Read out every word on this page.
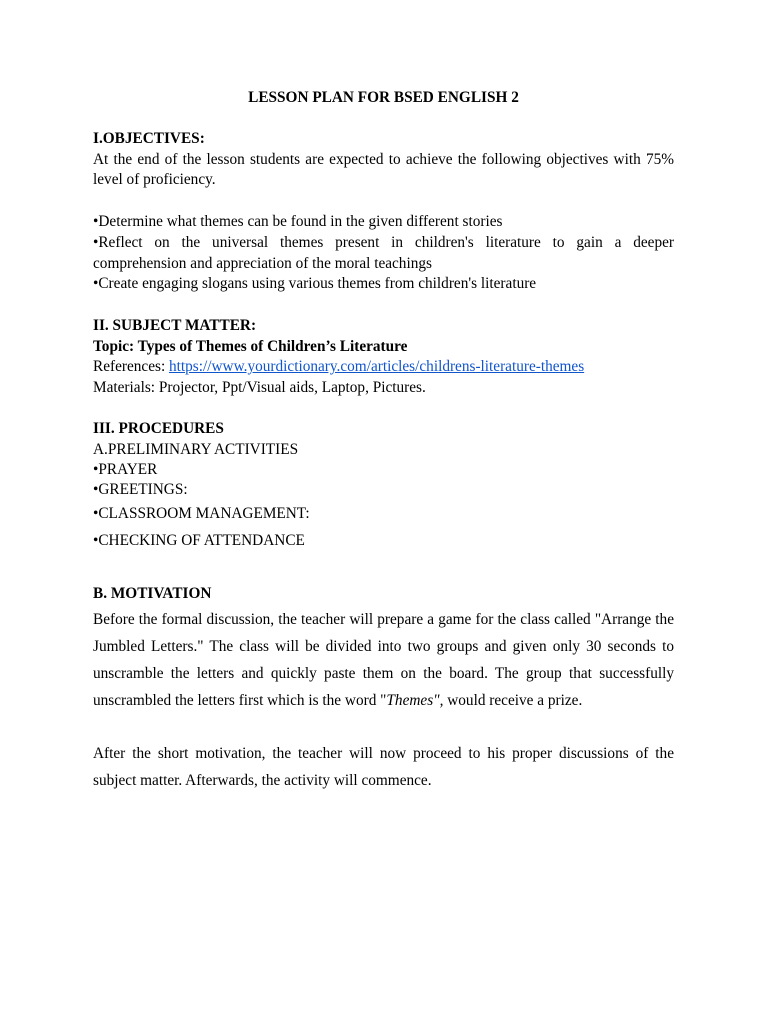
LESSON PLAN FOR BSED ENGLISH 2

I.OBJECTIVES:

At the end of the lesson students are expected to achieve the following objectives with 75% level of proficiency.

•Determine what themes can be found in the given different stories

•Reflect on the universal themes present in children's literature to gain a deeper comprehension and appreciation of the moral teachings

•Create engaging slogans using various themes from children's literature

II. SUBJECT MATTER:

Topic: Types of Themes of Children’s Literature

References: https://www.yourdictionary.com/articles/childrens-literature-themes

Materials: Projector, Ppt/Visual aids, Laptop, Pictures.

III. PROCEDURES

A.PRELIMINARY ACTIVITIES

•PRAYER

•GREETINGS:

•CLASSROOM MANAGEMENT:

•CHECKING OF ATTENDANCE

B. MOTIVATION

Before the formal discussion, the teacher will prepare a game for the class called "Arrange the Jumbled Letters." The class will be divided into two groups and given only 30 seconds to unscramble the letters and quickly paste them on the board. The group that successfully unscrambled the letters first which is the word "Themes", would receive a prize.

After the short motivation, the teacher will now proceed to his proper discussions of the subject matter. Afterwards, the activity will commence.
